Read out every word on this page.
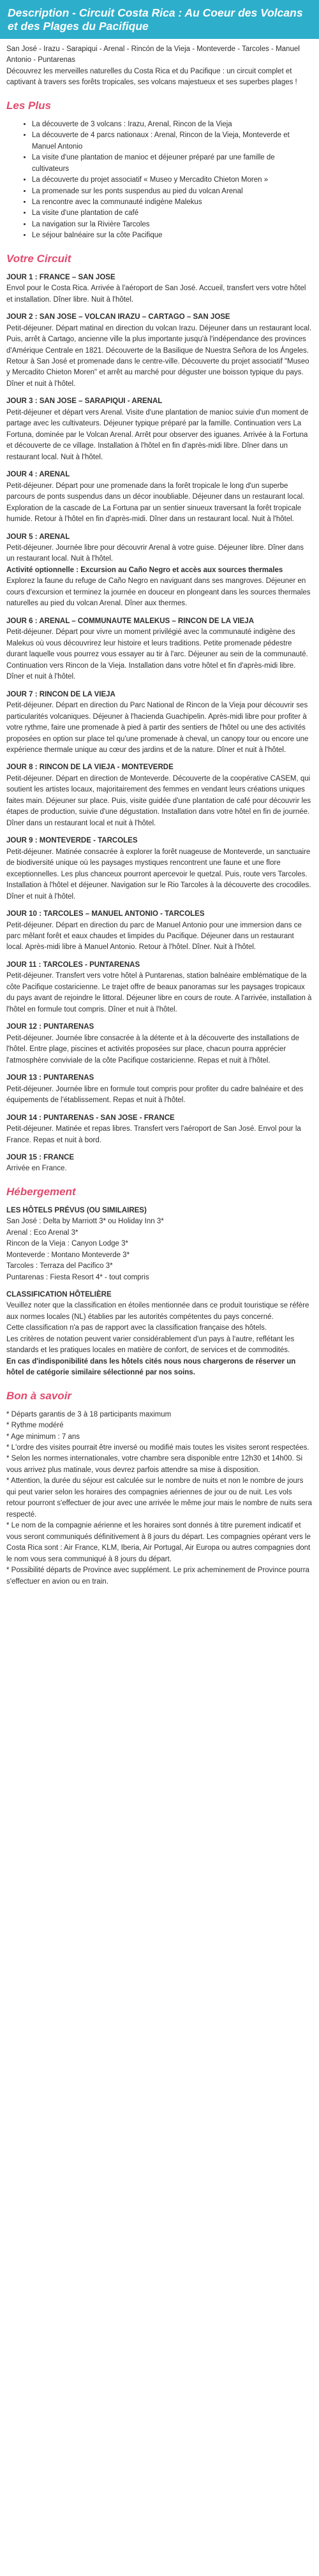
Description - Circuit Costa Rica : Au Coeur des Volcans et des Plages du Pacifique

San José - Irazu - Sarapiqui - Arenal - Rincón de la Vieja - Monteverde - Tarcoles - Manuel Antonio - Puntarenas

Découvrez les merveilles naturelles du Costa Rica et du Pacifique : un circuit complet et captivant à travers ses forêts tropicales, ses volcans majestueux et ses superbes plages !

Les Plus
• La découverte de 3 volcans : Irazu, Arenal, Rincon de la Vieja
• La découverte de 4 parcs nationaux : Arenal, Rincon de la Vieja, Monteverde et Manuel Antonio
• La visite d'une plantation de manioc et déjeuner préparé par une famille de cultivateurs
• La découverte du projet associatif « Museo y Mercadito Chieton Moren »
• La promenade sur les ponts suspendus au pied du volcan Arenal
• La rencontre avec la communauté indigène Malekus
• La visite d'une plantation de café
• La navigation sur la Rivière Tarcoles
• Le séjour balnéaire sur la côte Pacifique
Votre Circuit
JOUR 1 : FRANCE – SAN JOSE

Envol pour le Costa Rica. Arrivée à l'aéroport de San José. Accueil, transfert vers votre hôtel et installation. Dîner libre. Nuit à l'hôtel.

JOUR 2 : SAN JOSE – VOLCAN IRAZU – CARTAGO – SAN JOSE

Petit-déjeuner. Départ matinal en direction du volcan Irazu. Déjeuner dans un restaurant local. Puis, arrêt à Cartago, ancienne ville la plus importante jusqu'à l'indépendance des provinces d'Amérique Centrale en 1821. Découverte de la Basilique de Nuestra Señora de los Ángeles. Retour à San José et promenade dans le centre-ville. Découverte du projet associatif "Museo y Mercadito Chieton Moren" et arrêt au marché pour déguster une boisson typique du pays. Dîner et nuit à l'hôtel.

JOUR 3 : SAN JOSE – SARAPIQUI - ARENAL

Petit-déjeuner et départ vers Arenal. Visite d'une plantation de manioc suivie d'un moment de partage avec les cultivateurs. Déjeuner typique préparé par la famille. Continuation vers La Fortuna, dominée par le Volcan Arenal. Arrêt pour observer des iguanes. Arrivée à la Fortuna et découverte de ce village. Installation à l'hôtel en fin d'après-midi libre. Dîner dans un restaurant local. Nuit à l'hôtel.

JOUR 4 : ARENAL

Petit-déjeuner. Départ pour une promenade dans la forêt tropicale le long d'un superbe parcours de ponts suspendus dans un décor inoubliable. Déjeuner dans un restaurant local. Exploration de la cascade de La Fortuna par un sentier sinueux traversant la forêt tropicale humide. Retour à l'hôtel en fin d'après-midi. Dîner dans un restaurant local. Nuit à l'hôtel.

JOUR 5 : ARENAL

Petit-déjeuner. Journée libre pour découvrir Arenal à votre guise. Déjeuner libre. Dîner dans un restaurant local. Nuit à l'hôtel.

Activité optionnelle : Excursion au Caño Negro et accès aux sources thermales

Explorez la faune du refuge de Caño Negro en naviguant dans ses mangroves. Déjeuner en cours d'excursion et terminez la journée en douceur en plongeant dans les sources thermales naturelles au pied du volcan Arenal. Dîner aux thermes.

JOUR 6 : ARENAL – COMMUNAUTE MALEKUS – RINCON DE LA VIEJA

Petit-déjeuner. Départ pour vivre un moment privilégié avec la communauté indigène des Malekus où vous découvrirez leur histoire et leurs traditions. Petite promenade pédestre durant laquelle vous pourrez vous essayer au tir à l'arc. Déjeuner au sein de la communauté. Continuation vers Rincon de la Vieja. Installation dans votre hôtel et fin d'après-midi libre. Dîner et nuit à l'hôtel.

JOUR 7 : RINCON DE LA VIEJA

Petit-déjeuner. Départ en direction du Parc National de Rincon de la Vieja pour découvrir ses particularités volcaniques. Déjeuner à l'hacienda Guachipelin. Après-midi libre pour profiter à votre rythme, faire une promenade à pied à partir des sentiers de l'hôtel ou une des activités proposées en option sur place tel qu'une promenade à cheval, un canopy tour ou encore une expérience thermale unique au cœur des jardins et de la nature. Dîner et nuit à l'hôtel.

JOUR 8 : RINCON DE LA VIEJA - MONTEVERDE

Petit-déjeuner. Départ en direction de Monteverde. Découverte de la coopérative CASEM, qui soutient les artistes locaux, majoritairement des femmes en vendant leurs créations uniques faites main. Déjeuner sur place. Puis, visite guidée d'une plantation de café pour découvrir les étapes de production, suivie d'une dégustation. Installation dans votre hôtel en fin de journée. Dîner dans un restaurant local et nuit à l'hôtel.

JOUR 9 : MONTEVERDE - TARCOLES

Petit-déjeuner. Matinée consacrée à explorer la forêt nuageuse de Monteverde, un sanctuaire de biodiversité unique où les paysages mystiques rencontrent une faune et une flore exceptionnelles. Les plus chanceux pourront apercevoir le quetzal. Puis, route vers Tarcoles. Installation à l'hôtel et déjeuner. Navigation sur le Rio Tarcoles à la découverte des crocodiles. Dîner et nuit à l'hôtel.

JOUR 10 : TARCOLES – MANUEL ANTONIO - TARCOLES

Petit-déjeuner. Départ en direction du parc de Manuel Antonio pour une immersion dans ce parc mêlant forêt et eaux chaudes et limpides du Pacifique. Déjeuner dans un restaurant local. Après-midi libre à Manuel Antonio. Retour à l'hôtel. Dîner. Nuit à l'hôtel.

JOUR 11 : TARCOLES - PUNTARENAS

Petit-déjeuner. Transfert vers votre hôtel à Puntarenas, station balnéaire emblématique de la côte Pacifique costaricienne. Le trajet offre de beaux panoramas sur les paysages tropicaux du pays avant de rejoindre le littoral. Déjeuner libre en cours de route. A l'arrivée, installation à l'hôtel en formule tout compris. Dîner et nuit à l'hôtel.

JOUR 12 : PUNTARENAS

Petit-déjeuner. Journée libre consacrée à la détente et à la découverte des installations de l'hôtel. Entre plage, piscines et activités proposées sur place, chacun pourra apprécier l'atmosphère conviviale de la côte Pacifique costaricienne. Repas et nuit à l'hôtel.

JOUR 13 : PUNTARENAS

Petit-déjeuner. Journée libre en formule tout compris pour profiter du cadre balnéaire et des équipements de l'établissement. Repas et nuit à l'hôtel.

JOUR 14 : PUNTARENAS - SAN JOSE - FRANCE

Petit-déjeuner. Matinée et repas libres. Transfert vers l'aéroport de San José. Envol pour la France. Repas et nuit à bord.

JOUR 15 : FRANCE

Arrivée en France.

Hébergement
LES HÔTELS PRÉVUS (OU SIMILAIRES)

San José : Delta by Marriott 3* ou Holiday Inn 3*

Arenal : Eco Arenal 3*

Rincon de la Vieja : Canyon Lodge 3*

Monteverde : Montano Monteverde 3*

Tarcoles : Terraza del Pacifico 3*

Puntarenas : Fiesta Resort 4* - tout compris

CLASSIFICATION HÔTELIÈRE

Veuillez noter que la classification en étoiles mentionnée dans ce produit touristique se réfère aux normes locales (NL) établies par les autorités compétentes du pays concerné.

Cette classification n'a pas de rapport avec la classification française des hôtels.

Les critères de notation peuvent varier considérablement d'un pays à l'autre, reflétant les standards et les pratiques locales en matière de confort, de services et de commodités.

En cas d'indisponibilité dans les hôtels cités nous nous chargerons de réserver un hôtel de catégorie similaire sélectionné par nos soins.

Bon à savoir

* Départs garantis de 3 à 18 participants maximum

* Rythme modéré

* Age minimum : 7 ans

* L'ordre des visites pourrait être inversé ou modifié mais toutes les visites seront respectées.

* Selon les normes internationales, votre chambre sera disponible entre 12h30 et 14h00. Si vous arrivez plus matinale, vous devrez parfois attendre sa mise à disposition.

* Attention, la durée du séjour est calculée sur le nombre de nuits et non le nombre de jours qui peut varier selon les horaires des compagnies aériennes de jour ou de nuit. Les vols retour pourront s'effectuer de jour avec une arrivée le même jour mais le nombre de nuits sera respecté.

* Le nom de la compagnie aérienne et les horaires sont donnés à titre purement indicatif et vous seront communiqués définitivement à 8 jours du départ. Les compagnies opérant vers le Costa Rica sont : Air France, KLM, Iberia, Air Portugal, Air Europa ou autres compagnies dont le nom vous sera communiqué à 8 jours du départ.

* Possibilité départs de Province avec supplément. Le prix acheminement de Province pourra s'effectuer en avion ou en train.
